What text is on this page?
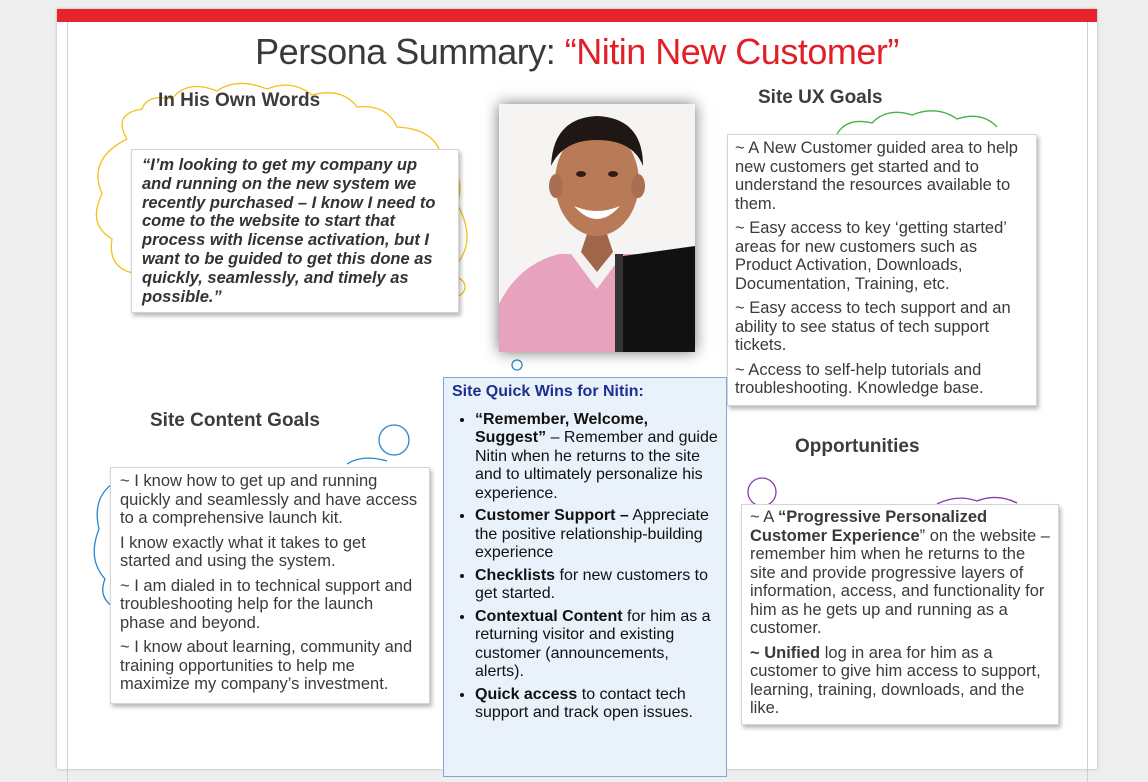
Persona Summary: “Nitin New Customer”
In His Own Words
“I’m looking to get my company up and running on the new system we recently purchased – I know I need to come to the website to start that process with license activation, but I want to be guided to get this done as quickly, seamlessly, and timely as possible.”
Site UX Goals

~ A New Customer guided area to help new customers get started and to understand the resources available to them.

~ Easy access to key ‘getting started’ areas for new customers such as Product Activation, Downloads, Documentation, Training, etc.

~ Easy access to tech support and an ability to see status of tech support tickets.

~ Access to self-help tutorials and troubleshooting. Knowledge base.

Site Content Goals

~ I know how to get up and running quickly and seamlessly and have access to a comprehensive launch kit.

I know exactly what it takes to get started and using the system.

~ I am dialed in to technical support and troubleshooting help for the launch phase and beyond.

~ I know about learning, community and training opportunities to help me maximize my company’s investment.

Site Quick Wins for Nitin:
• “Remember, Welcome, Suggest” – Remember and guide Nitin when he returns to the site and to ultimately personalize his experience.
• Customer Support – Appreciate the positive relationship-building experience
• Checklists for new customers to get started.
• Contextual Content for him as a returning visitor and existing customer (announcements, alerts).
• Quick access to contact tech support and track open issues.
Opportunities

~ A “Progressive Personalized Customer Experience” on the website – remember him when he returns to the site and provide progressive layers of information, access, and functionality for him as he gets up and running as a customer.

~ Unified log in area for him as a customer to give him access to support, learning, training, downloads, and the like.
